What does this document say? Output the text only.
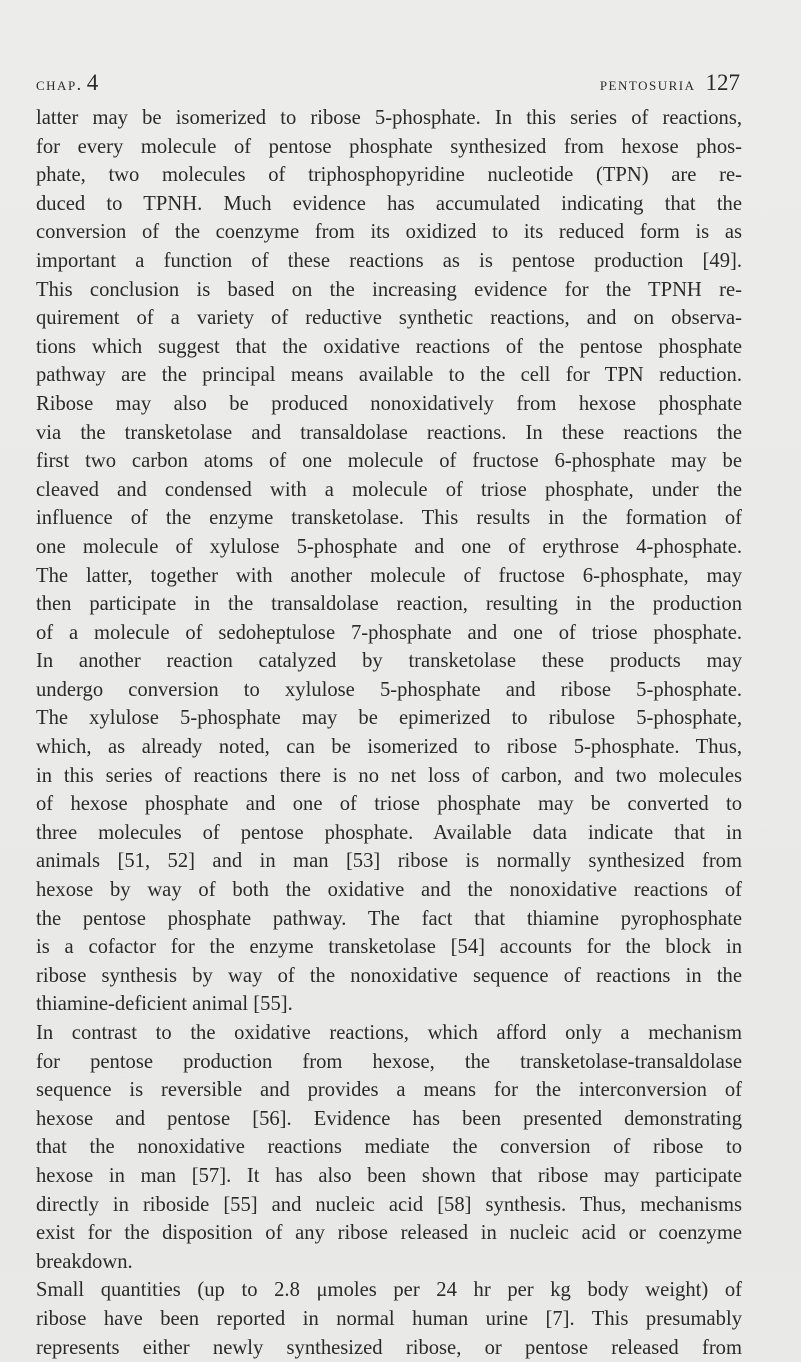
chap. 4	pentosuria 127
latter may be isomerized to ribose 5-phosphate. In this series of reactions,
for every molecule of pentose phosphate synthesized from hexose phos-
phate, two molecules of triphosphopyridine nucleotide (TPN) are re-
duced to TPNH. Much evidence has accumulated indicating that the
conversion of the coenzyme from its oxidized to its reduced form is as
important a function of these reactions as is pentose production [49].
This conclusion is based on the increasing evidence for the TPNH re-
quirement of a variety of reductive synthetic reactions, and on observa-
tions which suggest that the oxidative reactions of the pentose phosphate
pathway are the principal means available to the cell for TPN reduction.
Ribose may also be produced nonoxidatively from hexose phosphate
via the transketolase and transaldolase reactions. In these reactions the
first two carbon atoms of one molecule of fructose 6-phosphate may be
cleaved and condensed with a molecule of triose phosphate, under the
influence of the enzyme transketolase. This results in the formation of
one molecule of xylulose 5-phosphate and one of erythrose 4-phosphate.
The latter, together with another molecule of fructose 6-phosphate, may
then participate in the transaldolase reaction, resulting in the production
of a molecule of sedoheptulose 7-phosphate and one of triose phosphate.
In another reaction catalyzed by transketolase these products may
undergo conversion to xylulose 5-phosphate and ribose 5-phosphate.
The xylulose 5-phosphate may be epimerized to ribulose 5-phosphate,
which, as already noted, can be isomerized to ribose 5-phosphate. Thus,
in this series of reactions there is no net loss of carbon, and two molecules
of hexose phosphate and one of triose phosphate may be converted to
three molecules of pentose phosphate. Available data indicate that in
animals [51, 52] and in man [53] ribose is normally synthesized from
hexose by way of both the oxidative and the nonoxidative reactions of
the pentose phosphate pathway. The fact that thiamine pyrophosphate
is a cofactor for the enzyme transketolase [54] accounts for the block in
ribose synthesis by way of the nonoxidative sequence of reactions in the
thiamine-deficient animal [55].
In contrast to the oxidative reactions, which afford only a mechanism
for pentose production from hexose, the transketolase-transaldolase
sequence is reversible and provides a means for the interconversion of
hexose and pentose [56]. Evidence has been presented demonstrating
that the nonoxidative reactions mediate the conversion of ribose to
hexose in man [57]. It has also been shown that ribose may participate
directly in riboside [55] and nucleic acid [58] synthesis. Thus, mechanisms
exist for the disposition of any ribose released in nucleic acid or coenzyme
breakdown.
Small quantities (up to 2.8 μmoles per 24 hr per kg body weight) of
ribose have been reported in normal human urine [7]. This presumably
represents either newly synthesized ribose, or pentose released from
